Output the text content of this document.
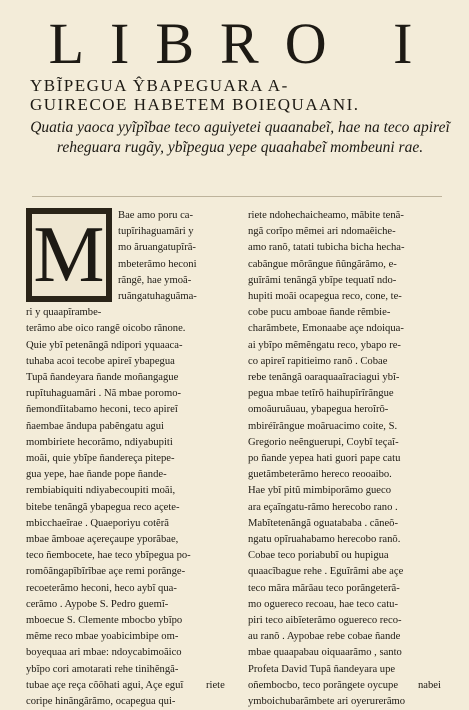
LIBRO I
YBĨPEGUA ŶBAPEGUARA A-
GUIRECOE HABETEM BOIEQUAANI.
Quatia yaoca yyĩpĩbae teco aguiyetei quaanabeĩ, hae na teco apireĩ reheguara rugãy, ybĩpegua yepe quaahabeĩ mombeuni rae.
M	Bae amo poru ca-
tupĩrihaguamãri y
mo ãruangatupĩrã-
mbeterãmo heconi
rãngẽ, hae ymoã-
ruãngatuhaguãma-
ri y quaapĩrambe-
terãmo abe oico rangẽ oicobo rãnone.
Quie ybĩ petenãngã ndipori yquaaca-
tuhaba acoi tecobe apireĩ ybapegua
Tupã ñandeyara ñande moñangague
rupĩtuhaguamãri . Nã mbae poromo-
ñemondĩitabamo heconi, teco apireĩ
ñaembae ãndupa pabẽngatu agui
mombiriete hecorãmo, ndiyabupiti
moãi, quie ybĩpe ñandereça pitepe-
gua yepe, hae ñande pope ñande-
rembiabiquiti ndiyabecoupiti moãi,
bitebe tenãngã ybapegua reco açete-
mbicchaeĩrae . Quaeporiyu cotẽrã
mbae ãmboae açereçaupe yporãbae,
teco ñembocete, hae teco ybĩpegua po-
romõãngapĩbĩrĩbae açe remi porãnge-
recoeterãmo heconi, heco aybĩ qua-
cerãmo . Aypobe S. Pedro guemĩ-
mboecue S. Clemente mbocbo ybĩpo
mẽme reco mbae yoabicimbipe om-
boyequaa ari mbae: ndoycabimoãico
ybĩpo cori amotarati rehe tinihẽngã-
tubae açe reça cõõhati agui, Açe eguĩ
coripe hinãngãrãmo, ocapegua qui-
riete ndohechaicheamo, mãbite tenã-
ngã corĩpo mẽmei ari ndomaẽiche-
amo ranõ, tatati tubicha bicha hecha-
cabãngue mõrãngue ñũngãrãmo, e-
guĩrãmi tenãngã ybĩpe tequatĩ ndo-
hupiti moãi ocapegua reco, cone, te-
cobe pucu amboae ñande rẽmbie-
charãmbete, Emonaabe açe ndoiqua-
ai ybĩpo mẽmẽngatu reco, ybapo re-
co apireĩ rapitieimo ranõ . Cobae
rebe tenãngã oaraquaaĩraciagui ybĩ-
pegua mbae tetĩrõ haihupĩrĩrãngue
omoãuruãuau, ybapegua heroĩrõ-
mbiréĩrãngue moãruacimo coite, S.
Gregorio neẽnguerupi, Coybĩ teçaĩ-
po ñande yepea hati guori pape catu
guetãmbeterãmo hereco reooaibo.
Hae ybĩ pitũ mimbiporãmo gueco
ara eçaĩngatu-rãmo herecobo rano .
Mabĩtetenãngã oguatababa . cãneõ-
ngatu opĩruahabamo herecobo ranõ.
Cobae teco poriabubĩ ou hupigua
quaacĩbague rehe . Eguĩrãmi abe açe
teco mãra mãrãau teco porãngeterã-
mo oguereco recoau, hae teco catu-
piri teco aibĩeterãmo oguereco reco-
au ranõ . Aypobae rebe cobae ñande
mbae quaapabau oiquaarãmo , santo
Profeta David Tupã ñandeyara upe
oñembocbo, teco porãngete oycupe
ymboichubarãmbete ari oyerurerãmo
riete	nabei
